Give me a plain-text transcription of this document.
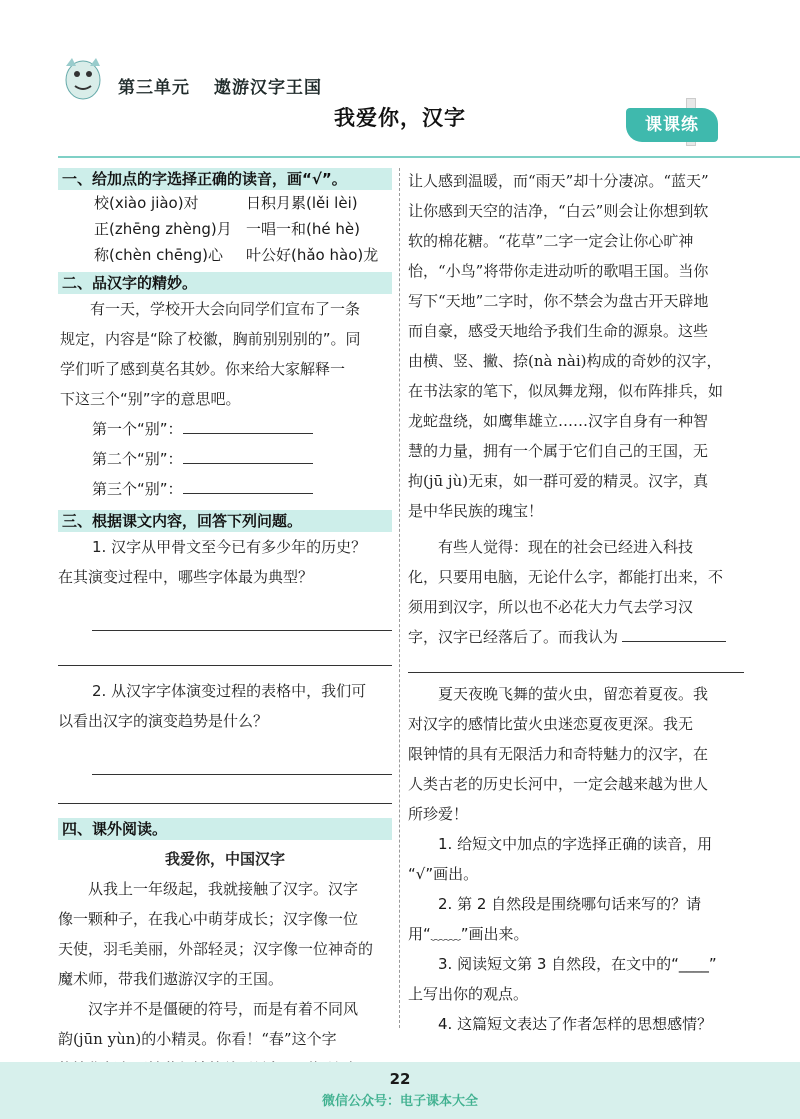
第三单元 遨游汉字王国
我爱你，汉字	课课练
一、给加点的字选择正确的读音，画“√”。
校(xiào jiào)对	日积月累(lěi lèi)
正(zhēng zhèng)月 一唱一和(hé hè)
称(chèn chēng)心	叶公好(hǎo hào)龙
二、品汉字的精妙。
有一天，学校开大会向同学们宣布了一条
规定，内容是“除了校徽，胸前别别别的”。同
学们听了感到莫名其妙。你来给大家解释一
下这三个“别”字的意思吧。
第一个“别”：
第二个“别”：
第三个“别”：
三、根据课文内容，回答下列问题。
1. 汉字从甲骨文至今已有多少年的历史？
在其演变过程中，哪些字体最为典型？
2. 从汉字字体演变过程的表格中，我们可
以看出汉字的演变趋势是什么？
四、课外阅读。
我爱你，中国汉字
从我上一年级起，我就接触了汉字。汉字
像一颗种子，在我心中萌芽成长；汉字像一位
天使，羽毛美丽，外部轻灵；汉字像一位神奇的
魔术师，带我们遨游汉字的王国。
汉字并不是僵硬的符号，而是有着不同风
韵(jūn yùn)的小精灵。你看！“春”这个字
让人感到温暖，而“雨天”却十分凄凉。“蓝天”
让你感到天空的洁净，“白云”则会让你想到软
软的棉花糖。“花草”二字一定会让你心旷神
怡，“小鸟”将带你走进动听的歌唱王国。当你
写下“天地”二字时，你不禁会为盘古开天辟地
而自豪，感受天地给予我们生命的源泉。这些
由横、竖、撇、捺(nà nài)构成的奇妙的汉字，
在书法家的笔下，似凤舞龙翔，似布阵排兵，如
龙蛇盘绕，如鹰隼雄立……汉字自身有一种智
慧的力量，拥有一个属于它们自己的王国，无
拘(jū jù)无束，如一群可爱的精灵。汉字，真
是中华民族的瑰宝！
有些人觉得：现在的社会已经进入科技
化，只要用电脑，无论什么字，都能打出来，不
须用到汉字，所以也不必花大力气去学习汉
字，汉字已经落后了。而我认为
夏天夜晚飞舞的萤火虫，留恋着夏夜。我
对汉字的感情比萤火虫迷恋夏夜更深。我无
限钟情的具有无限活力和奇特魅力的汉字，在
人类古老的历史长河中，一定会越来越为世人
所珍爱！
1. 给短文中加点的字选择正确的读音，用
“√”画出。
2. 第 2 自然段是围绕哪句话来写的？请
用“﹏﹏”画出来。
3. 阅读短文第 3 自然段，在文中的“____”
上写出你的观点。
4. 这篇短文表达了作者怎样的思想感情？
22
微信公众号：电子课本大全
